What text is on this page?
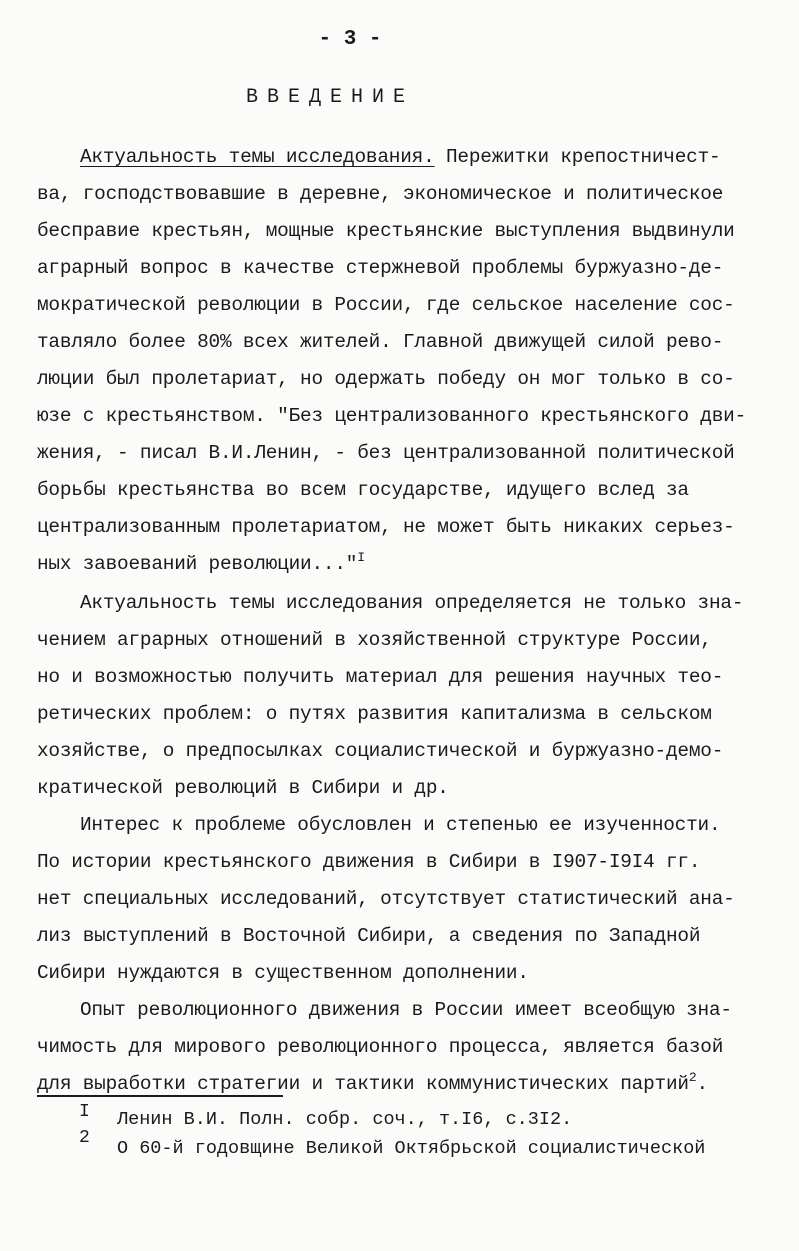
- 3 -
ВВЕДЕНИЕ
Актуальность темы исследования. Пережитки крепостничест-
ва, господствовавшие в деревне, экономическое и политическое
бесправие крестьян, мощные крестьянские выступления выдвинули
аграрный вопрос в качестве стержневой проблемы буржуазно-де-
мократической революции в России, где сельское население сос-
тавляло более 80% всех жителей. Главной движущей силой рево-
люции был пролетариат, но одержать победу он мог только в со-
юзе с крестьянством. "Без централизованного крестьянского дви-
жения, - писал В.И.Ленин, - без централизованной политической
борьбы крестьянства во всем государстве, идущего вслед за
централизованным пролетариатом, не может быть никаких серьез-
ных завоеваний революции..."$^I$
Актуальность темы исследования определяется не только зна-
чением аграрных отношений в хозяйственной структуре России,
но и возможностью получить материал для решения научных тео-
ретических проблем: о путях развития капитализма в сельском
хозяйстве, о предпосылках социалистической и буржуазно-демо-
кратической революций в Сибири и др.
Интерес к проблеме обусловлен и степенью ее изученности.
По истории крестьянского движения в Сибири в I907-I9I4 гг.
нет специальных исследований, отсутствует статистический ана-
лиз выступлений в Восточной Сибири, а сведения по Западной
Сибири нуждаются в существенном дополнении.
Опыт революционного движения в России имеет всеобщую зна-
чимость для мирового революционного процесса, является базой
для выработки стратегии и тактики коммунистических партий$^2$.
I Ленин В.И. Полн. собр. соч., т.I6, с.3I2.
2 О 60-й годовщине Великой Октябрьской социалистической
